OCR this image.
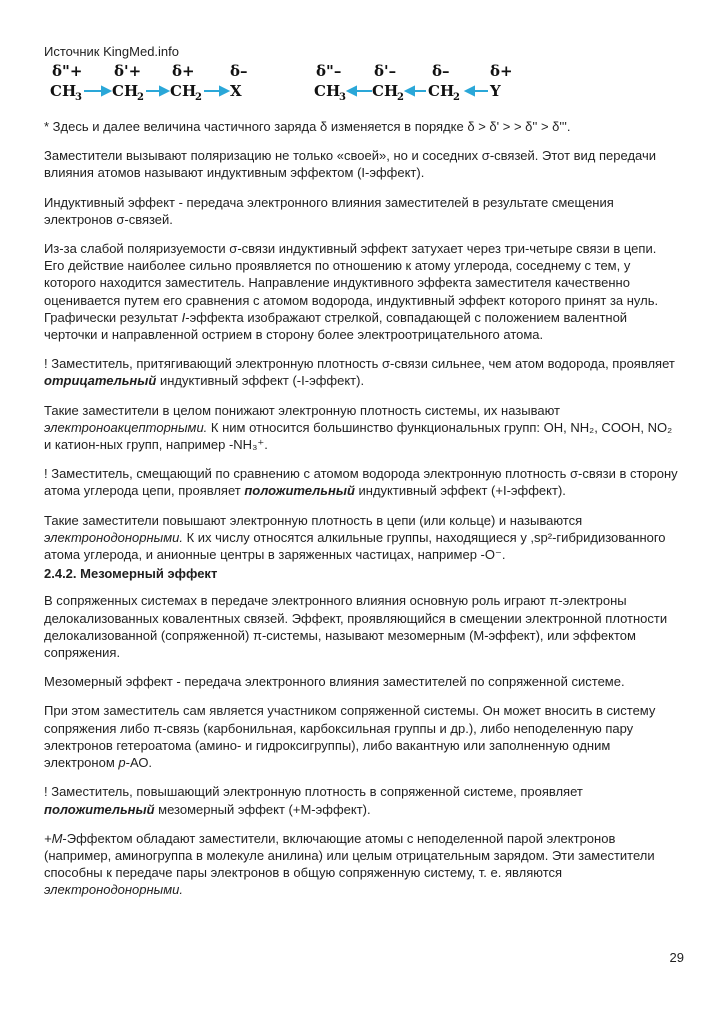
Источник KingMed.info
δ"+ δ'+ δ+ δ–
CH
3 CH
2 CH
2 X
δ"– δ'– δ–	δ+
CH
3 CH
2 CH
2 Y

* Здесь и далее величина частичного заряда δ изменяется в порядке δ > δ' > > δ'' > δ'''.

Заместители вызывают поляризацию не только «своей», но и соседних σ-связей. Этот вид передачи влияния атомов называют индуктивным эффектом (I-эффект).

Индуктивный эффект - передача электронного влияния заместителей в результате смещения электронов σ-связей.

Из-за слабой поляризуемости σ-связи индуктивный эффект затухает через три-четыре связи в цепи. Его действие наиболее сильно проявляется по отношению к атому углерода, соседнему с тем, у которого находится заместитель. Направление индуктивного эффекта заместителя качественно оценивается путем его сравнения с атомом водорода, индуктивный эффект которого принят за нуль. Графически результат I-эффекта изображают стрелкой, совпадающей с положением валентной черточки и направленной острием в сторону более электроотрицательного атома.

! Заместитель, притягивающий электронную плотность σ-связи сильнее, чем атом водорода, проявляет отрицательный индуктивный эффект (-I-эффект).

Такие заместители в целом понижают электронную плотность системы, их называют электроноакцепторными. К ним относится большинство функциональных групп: OH, NH₂, COOH, NO₂ и катион-ных групп, например -NH₃⁺.

! Заместитель, смещающий по сравнению с атомом водорода электронную плотность σ-связи в сторону атома углерода цепи, проявляет положительный индуктивный эффект (+I-эффект).

Такие заместители повышают электронную плотность в цепи (или кольце) и называются электронодонорными. К их числу относятся алкильные группы, находящиеся у ,sp²-гибридизованного атома углерода, и анионные центры в заряженных частицах, например -O⁻.

2.4.2. Мезомерный эффект

В сопряженных системах в передаче электронного влияния основную роль играют π-электроны делокализованных ковалентных связей. Эффект, проявляющийся в смещении электронной плотности делокализованной (сопряженной) π-системы, называют мезомерным (M-эффект), или эффектом сопряжения.

Мезомерный эффект - передача электронного влияния заместителей по сопряженной системе.

При этом заместитель сам является участником сопряженной системы. Он может вносить в систему сопряжения либо π-связь (карбонильная, карбоксильная группы и др.), либо неподеленную пару электронов гетероатома (амино- и гидроксигруппы), либо вакантную или заполненную одним электроном р-АО.

! Заместитель, повышающий электронную плотность в сопряженной системе, проявляет положительный мезомерный эффект (+M-эффект).

+M-Эффектом обладают заместители, включающие атомы с неподеленной парой электронов (например, аминогруппа в молекуле анилина) или целым отрицательным зарядом. Эти заместители способны к передаче пары электронов в общую сопряженную систему, т. е. являются электронодонорными.

29
